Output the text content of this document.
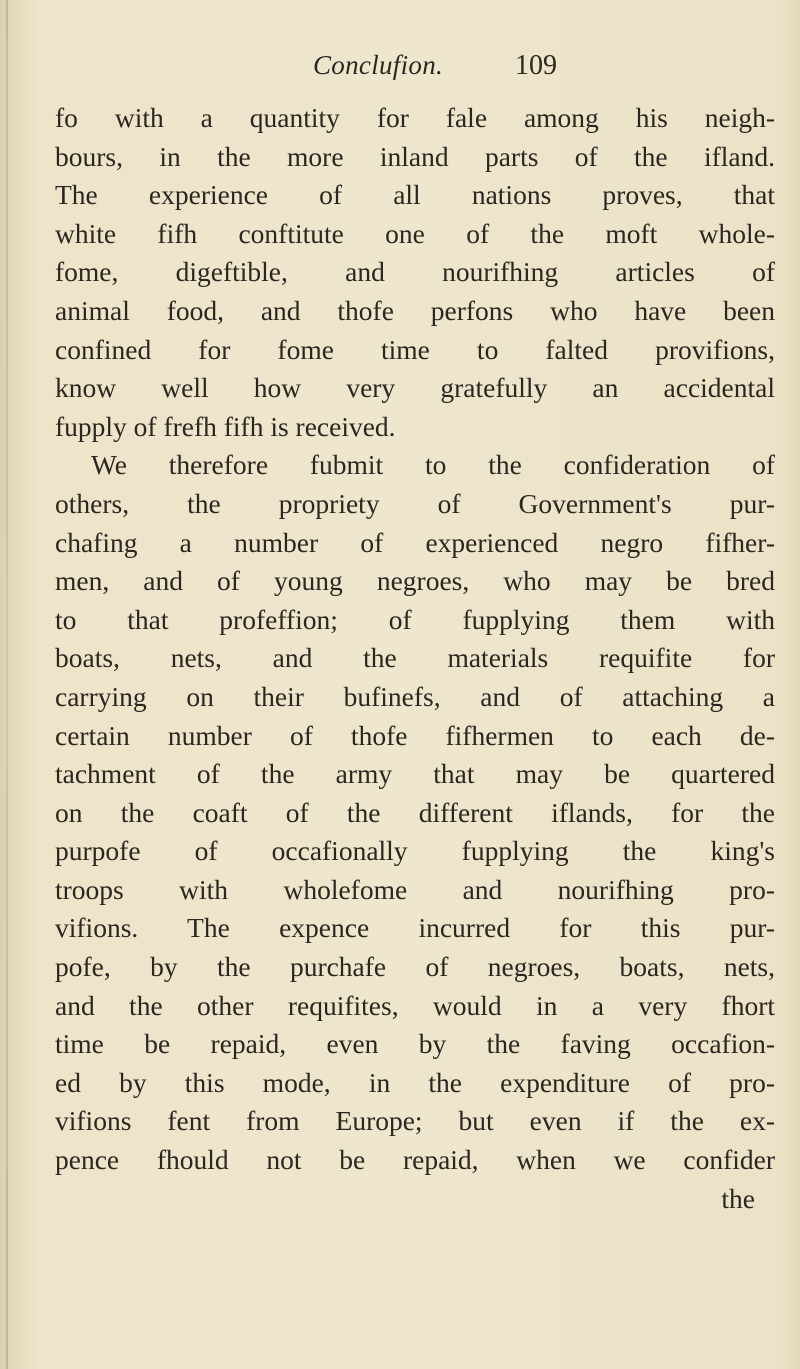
Conclufion.	109
fo with a quantity for fale among his neigh-
bours, in the more inland parts of the ifland.
The experience of all nations proves, that
white fifh conftitute one of the moft whole-
fome, digeftible, and nourifhing articles of
animal food, and thofe perfons who have been
confined for fome time to falted provifions,
know well how very gratefully an accidental
fupply of frefh fifh is received.
We therefore fubmit to the confideration of
others, the propriety of Government's pur-
chafing a number of experienced negro fifher-
men, and of young negroes, who may be bred
to that profeffion; of fupplying them with
boats, nets, and the materials requifite for
carrying on their bufinefs, and of attaching a
certain number of thofe fifhermen to each de-
tachment of the army that may be quartered
on the coaft of the different iflands, for the
purpofe of occafionally fupplying the king's
troops with wholefome and nourifhing pro-
vifions. The expence incurred for this pur-
pofe, by the purchafe of negroes, boats, nets,
and the other requifites, would in a very fhort
time be repaid, even by the faving occafion-
ed by this mode, in the expenditure of pro-
vifions fent from Europe; but even if the ex-
pence fhould not be repaid, when we confider
the
